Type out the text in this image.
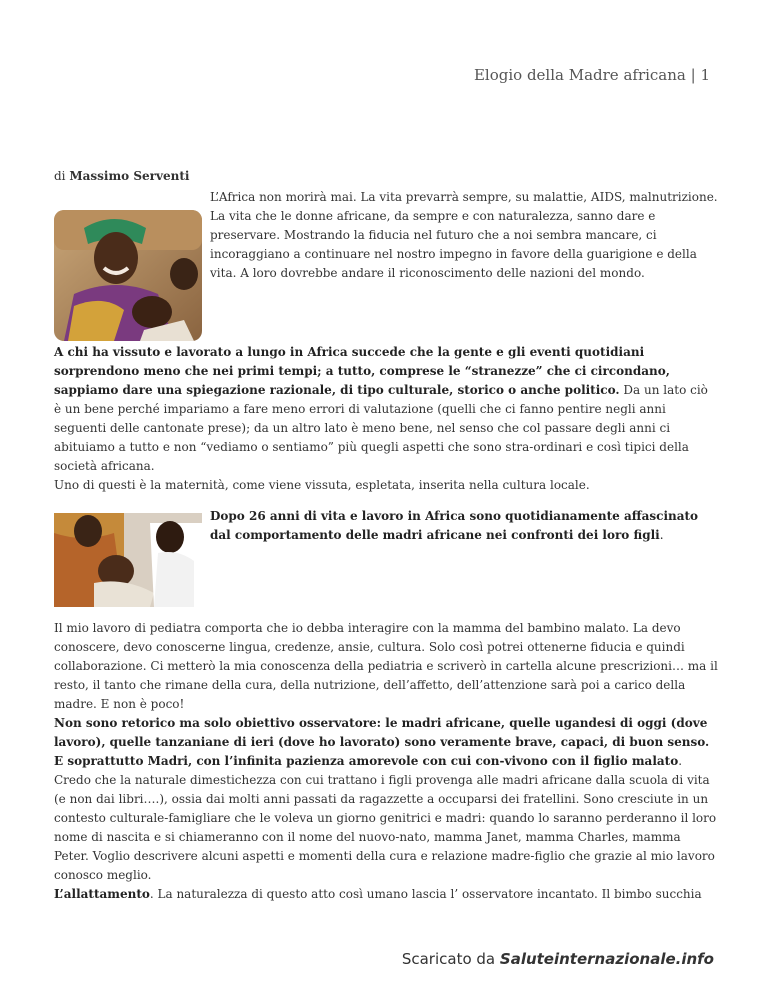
Elogio della Madre africana | 1

di Massimo Serventi

L’Africa non morirà mai. La vita prevarrà sempre, su malattie, AIDS, malnutrizione. La vita che le donne africane, da sempre e con naturalezza, sanno dare e preservare. Mostrando la fiducia nel futuro che a noi sembra mancare, ci incoraggiano a continuare nel nostro impegno in favore della guarigione e della vita. A loro dovrebbe andare il riconoscimento delle nazioni del mondo.

A chi ha vissuto e lavorato a lungo in Africa succede che la gente e gli eventi quotidiani sorprendono meno che nei primi tempi; a tutto, comprese le “stranezze” che ci circondano, sappiamo dare una spiegazione razionale, di tipo culturale, storico o anche politico. Da un lato ciò è un bene perché impariamo a fare meno errori di valutazione (quelli che ci fanno pentire negli anni seguenti delle cantonate prese); da un altro lato è meno bene, nel senso che col passare degli anni ci abituiamo a tutto e non “vediamo o sentiamo” più quegli aspetti che sono stra-ordinari e così tipici della società africana.

Uno di questi è la maternità, come viene vissuta, espletata, inserita nella cultura locale.

Dopo 26 anni di vita e lavoro in Africa sono quotidianamente affascinato dal comportamento delle madri africane nei confronti dei loro figli.

Il mio lavoro di pediatra comporta che io debba interagire con la mamma del bambino malato. La devo conoscere, devo conoscerne lingua, credenze, ansie, cultura. Solo così potrei ottenerne fiducia e quindi collaborazione. Ci metterò la mia conoscenza della pediatria e scriverò in cartella alcune prescrizioni… ma il resto, il tanto che rimane della cura, della nutrizione, dell’affetto, dell’attenzione sarà poi a carico della madre. E non è poco!

Non sono retorico ma solo obiettivo osservatore: le madri africane, quelle ugandesi di oggi (dove lavoro), quelle tanzaniane di ieri (dove ho lavorato) sono veramente brave, capaci, di buon senso. E soprattutto Madri, con l’infinita pazienza amorevole con cui con-vivono con il figlio malato.

Credo che la naturale dimestichezza con cui trattano i figli provenga alle madri africane dalla scuola di vita (e non dai libri….), ossia dai molti anni passati da ragazzette a occuparsi dei fratellini. Sono cresciute in un contesto culturale-famigliare che le voleva un giorno genitrici e madri: quando lo saranno perderanno il loro nome di nascita e si chiameranno con il nome del nuovo-nato, mamma Janet, mamma Charles, mamma Peter. Voglio descrivere alcuni aspetti e momenti della cura e relazione madre-figlio che grazie al mio lavoro conosco meglio.

L’allattamento. La naturalezza di questo atto così umano lascia l’ osservatore incantato. Il bimbo succhia

Scaricato da Saluteinternazionale.info
